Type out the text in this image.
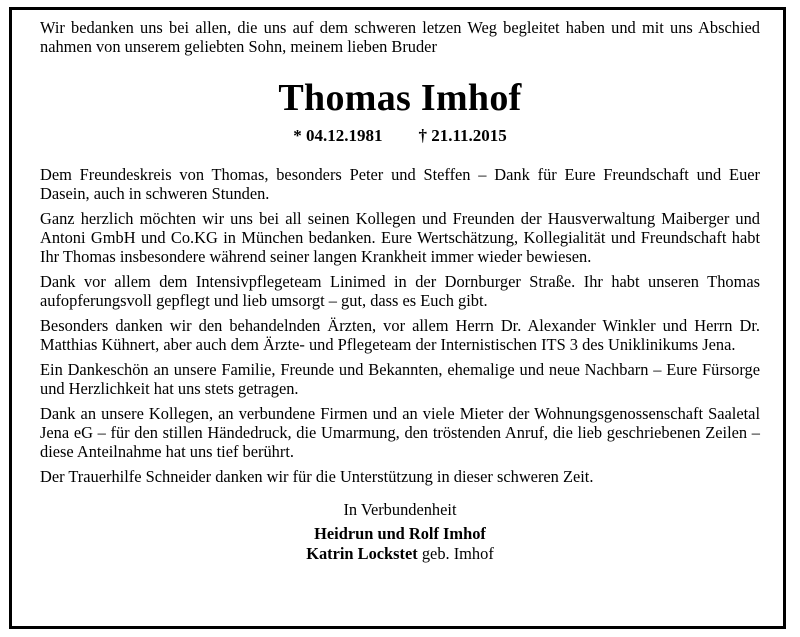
Wir bedanken uns bei allen, die uns auf dem schweren letzen Weg begleitet haben und mit uns Abschied nahmen von unserem geliebten Sohn, meinem lieben Bruder

Thomas Imhof
* 04.12.1981 † 21.11.2015

Dem Freundeskreis von Thomas, besonders Peter und Steffen – Dank für Eure Freundschaft und Euer Dasein, auch in schweren Stunden.

Ganz herzlich möchten wir uns bei all seinen Kollegen und Freunden der Hausverwaltung Maiberger und Antoni GmbH und Co.KG in München bedanken. Eure Wertschätzung, Kollegialität und Freundschaft habt Ihr Thomas insbesondere während seiner langen Krankheit immer wieder bewiesen.

Dank vor allem dem Intensivpflegeteam Linimed in der Dornburger Straße. Ihr habt unseren Thomas aufopferungsvoll gepflegt und lieb umsorgt – gut, dass es Euch gibt.

Besonders danken wir den behandelnden Ärzten, vor allem Herrn Dr. Alexander Winkler und Herrn Dr. Matthias Kühnert, aber auch dem Ärzte- und Pflegeteam der Internistischen ITS 3 des Uniklinikums Jena.

Ein Dankeschön an unsere Familie, Freunde und Bekannten, ehemalige und neue Nachbarn – Eure Fürsorge und Herzlichkeit hat uns stets getragen.

Dank an unsere Kollegen, an verbundene Firmen und an viele Mieter der Wohnungsgenossenschaft Saaletal Jena eG – für den stillen Händedruck, die Umarmung, den tröstenden Anruf, die lieb geschriebenen Zeilen – diese Anteilnahme hat uns tief berührt.

Der Trauerhilfe Schneider danken wir für die Unterstützung in dieser schweren Zeit.

In Verbundenheit
Heidrun und Rolf Imhof
Katrin Lockstet geb. Imhof
